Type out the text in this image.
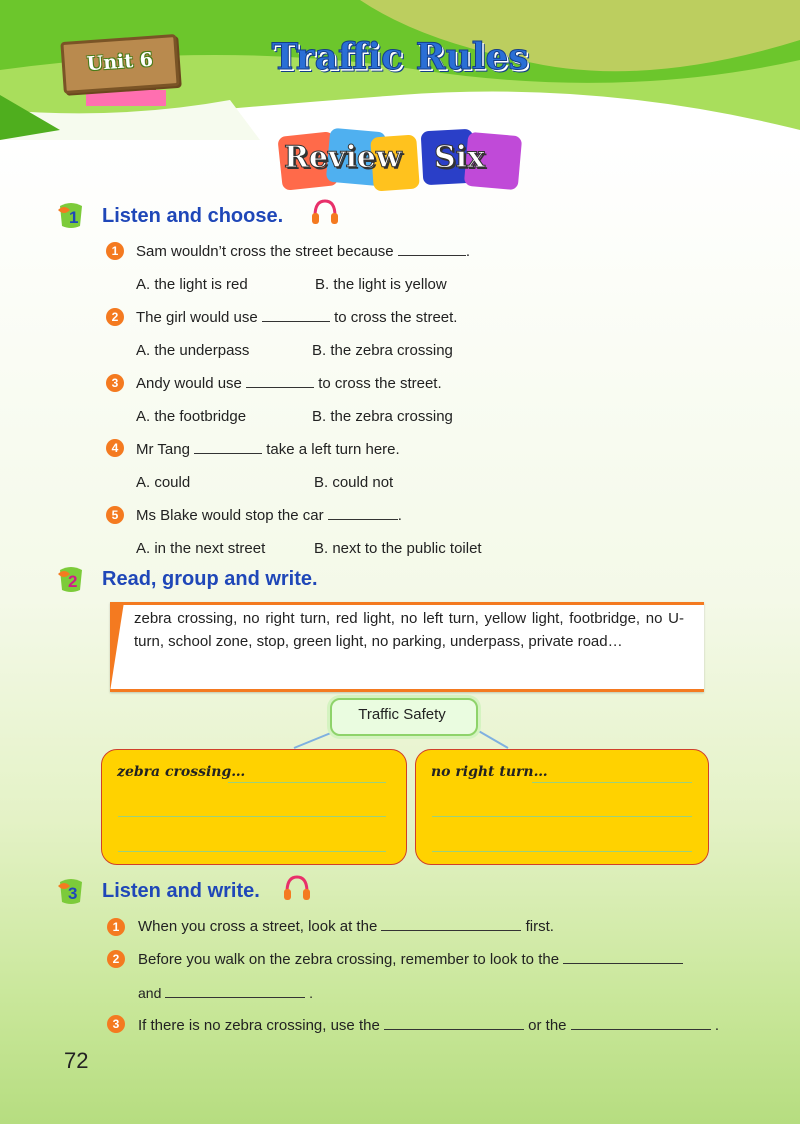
Unit 6	Traffic Rules
Review Six
1 Listen and choose.
1	Sam wouldn’t cross the street because	.
A. the light is red	B. the light is yellow
2	The girl would use	to cross the street.
A. the underpass	B. the zebra crossing
3	Andy would use	to cross the street.
A. the footbridge	B. the zebra crossing
4	Mr Tang	take a left turn here.
A. could	B. could not
5	Ms Blake would stop the car	.
A. in the next street	B. next to the public toilet
2 Read, group and write.
zebra crossing, no right turn, red light, no left turn, yellow light, footbridge, no U-turn, school zone, stop, green light, no parking, underpass, private road…
Traffic Safety
zebra crossing…	no right turn…
3 Listen and write.
1	When you cross a street, look at the	first.
2	Before you walk on the zebra crossing, remember to look to the
and	.
3	If there is no zebra crossing, use the	or the	.
72
